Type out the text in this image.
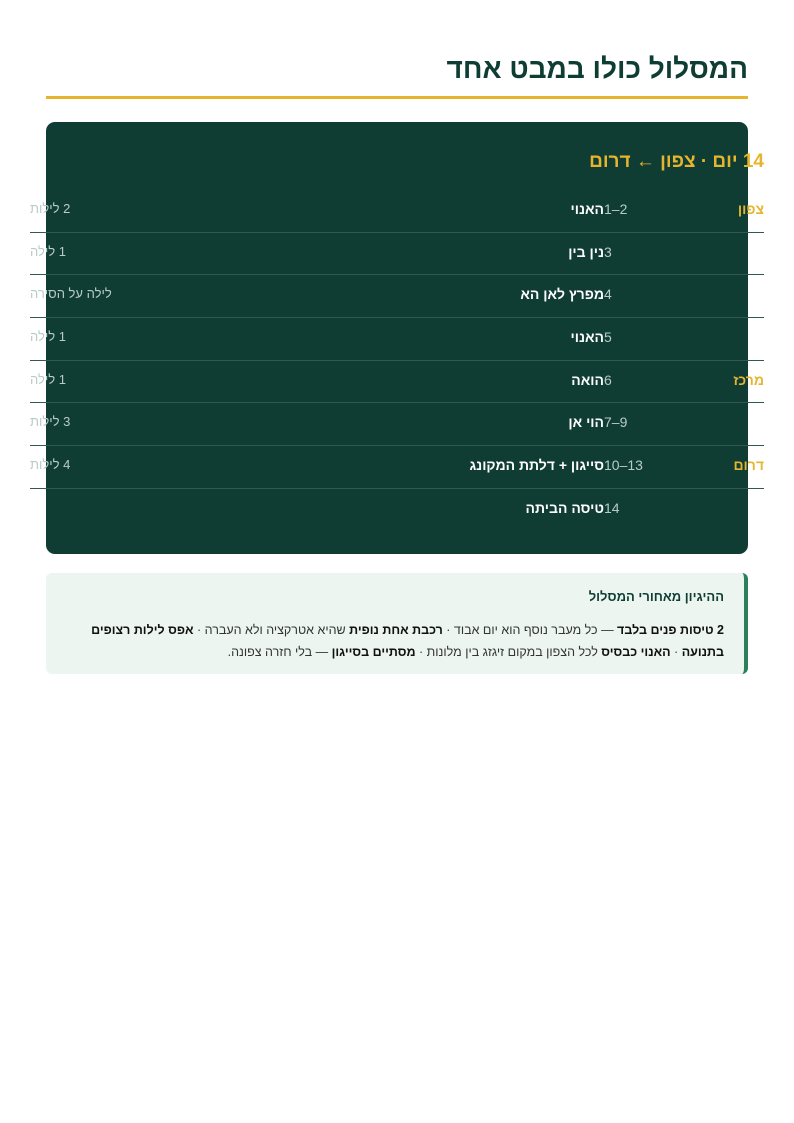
המסלול כולו במבט אחד
14 יום · צפון ← דרום
צפון
1–2
האנוי
2 לילות
3
נין בין
1 לילה
4
מפרץ לאן הא
לילה על הסירה
5
האנוי
1 לילה
מרכז
6
הואה
1 לילה
7–9
הוי אן
3 לילות
דרום
10–13
סייגון + דלתת המקונג
4 לילות
14
טיסה הביתה
ההיגיון מאחורי המסלול

2 טיסות פנים בלבד — כל מעבר נוסף הוא יום אבוד · רכבת אחת נופית שהיא אטרקציה ולא העברה · אפס לילות רצופים בתנועה · האנוי כבסיס לכל הצפון במקום זיגזג בין מלונות · מסתיים בסייגון — בלי חזרה צפונה.
